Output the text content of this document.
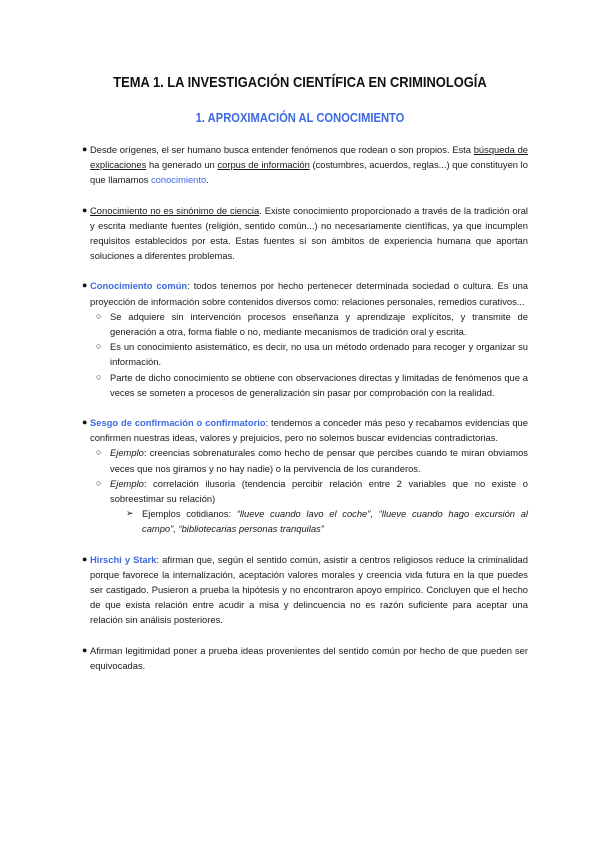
TEMA 1. LA INVESTIGACIÓN CIENTÍFICA EN CRIMINOLOGÍA
1. APROXIMACIÓN AL CONOCIMIENTO
● Desde orígenes, el ser humano busca entender fenómenos que rodean o son propios. Esta búsqueda de explicaciones ha generado un corpus de información (costumbres, acuerdos, reglas...) que constituyen lo que llamamos conocimiento.

● Conocimiento no es sinónimo de ciencia. Existe conocimiento proporcionado a través de la tradición oral y escrita mediante fuentes (religión, sentido común...) no necesariamente científicas, ya que incumplen requisitos establecidos por esta. Estas fuentes sí son ámbitos de experiencia humana que aportan soluciones a diferentes problemas.

● Conocimiento común: todos tenemos por hecho pertenecer determinada sociedad o cultura. Es una proyección de información sobre contenidos diversos como: relaciones personales, remedios curativos...

○ Se adquiere sin intervención procesos enseñanza y aprendizaje explícitos, y transmite de generación a otra, forma fiable o no, mediante mecanismos de tradición oral y escrita.

○ Es un conocimiento asistemático, es decir, no usa un método ordenado para recoger y organizar su información.

○ Parte de dicho conocimiento se obtiene con observaciones directas y limitadas de fenómenos que a veces se someten a procesos de generalización sin pasar por comprobación con la realidad.

● Sesgo de confirmación o confirmatorio: tendemos a conceder más peso y recabamos evidencias que confirmen nuestras ideas, valores y prejuicios, pero no solemos buscar evidencias contradictorias.

○ Ejemplo: creencias sobrenaturales como hecho de pensar que percibes cuando te miran obviamos veces que nos giramos y no hay nadie) o la pervivencia de los curanderos.

○ Ejemplo: correlación ilusoria (tendencia percibir relación entre 2 variables que no existe o sobreestimar su relación)

➢ Ejemplos cotidianos: “llueve cuando lavo el coche”, “llueve cuando hago excursión al campo”, “bibliotecarias personas tranquilas”

● Hirschi y Stark: afirman que, según el sentido común, asistir a centros religiosos reduce la criminalidad porque favorece la internalización, aceptación valores morales y creencia vida futura en la que puedes ser castigado. Pusieron a prueba la hipótesis y no encontraron apoyo empírico. Concluyen que el hecho de que exista relación entre acudir a misa y delincuencia no es razón suficiente para aceptar una relación sin análisis posteriores.

● Afirman legitimidad poner a prueba ideas provenientes del sentido común por hecho de que pueden ser equivocadas.
